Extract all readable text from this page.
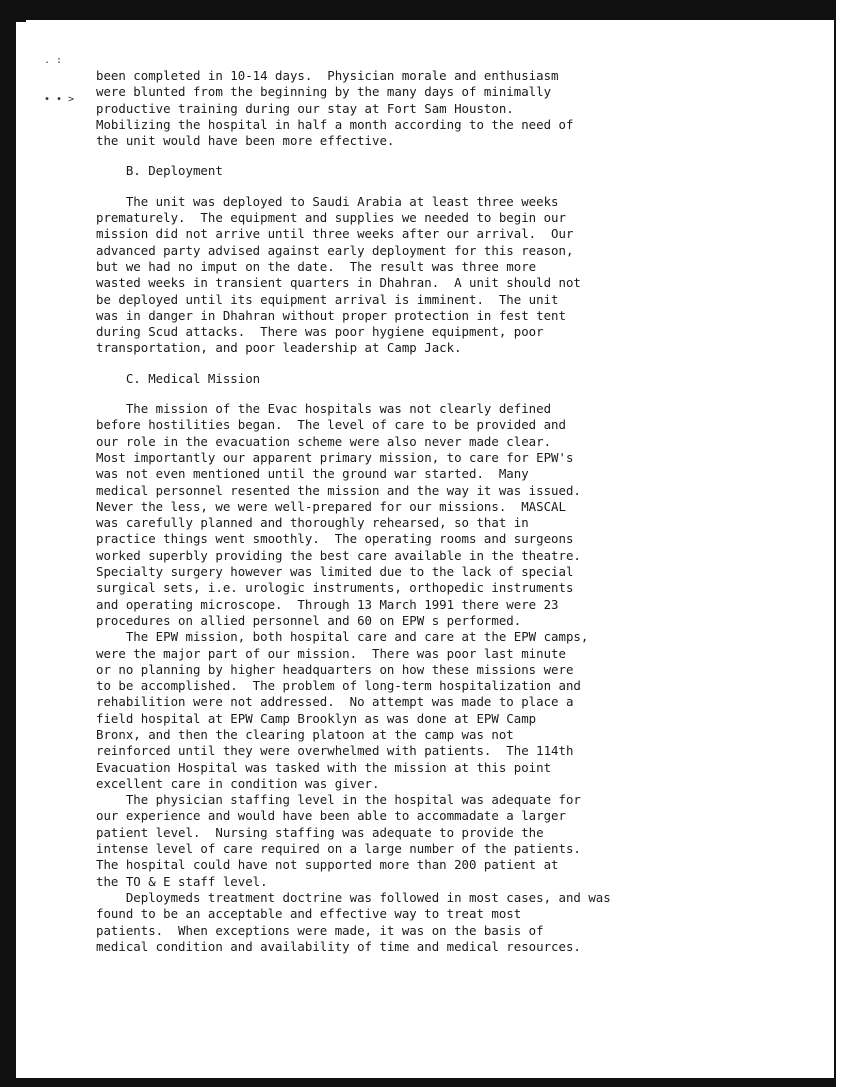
. :

• • >

been completed in 10-14 days.  Physician morale and enthusiasm
were blunted from the beginning by the many days of minimally
productive training during our stay at Fort Sam Houston.
Mobilizing the hospital in half a month according to the need of
the unit would have been more effective.
B. Deployment
The unit was deployed to Saudi Arabia at least three weeks
prematurely.  The equipment and supplies we needed to begin our
mission did not arrive until three weeks after our arrival.  Our
advanced party advised against early deployment for this reason,
but we had no imput on the date.  The result was three more
wasted weeks in transient quarters in Dhahran.  A unit should not
be deployed until its equipment arrival is imminent.  The unit
was in danger in Dhahran without proper protection in fest tent
during Scud attacks.  There was poor hygiene equipment, poor
transportation, and poor leadership at Camp Jack.
C. Medical Mission
The mission of the Evac hospitals was not clearly defined
before hostilities began.  The level of care to be provided and
our role in the evacuation scheme were also never made clear.
Most importantly our apparent primary mission, to care for EPW's
was not even mentioned until the ground war started.  Many
medical personnel resented the mission and the way it was issued.
Never the less, we were well-prepared for our missions.  MASCAL
was carefully planned and thoroughly rehearsed, so that in
practice things went smoothly.  The operating rooms and surgeons
worked superbly providing the best care available in the theatre.
Specialty surgery however was limited due to the lack of special
surgical sets, i.e. urologic instruments, orthopedic instruments
and operating microscope.  Through 13 March 1991 there were 23
procedures on allied personnel and 60 on EPW s performed.
The EPW mission, both hospital care and care at the EPW camps,
were the major part of our mission.  There was poor last minute
or no planning by higher headquarters on how these missions were
to be accomplished.  The problem of long-term hospitalization and
rehabilition were not addressed.  No attempt was made to place a
field hospital at EPW Camp Brooklyn as was done at EPW Camp
Bronx, and then the clearing platoon at the camp was not
reinforced until they were overwhelmed with patients.  The 114th
Evacuation Hospital was tasked with the mission at this point
excellent care in condition was giver.
The physician staffing level in the hospital was adequate for
our experience and would have been able to accommadate a larger
patient level.  Nursing staffing was adequate to provide the
intense level of care required on a large number of the patients.
The hospital could have not supported more than 200 patient at
the TO & E staff level.
Deploymeds treatment doctrine was followed in most cases, and was
found to be an acceptable and effective way to treat most
patients.  When exceptions were made, it was on the basis of
medical condition and availability of time and medical resources.
